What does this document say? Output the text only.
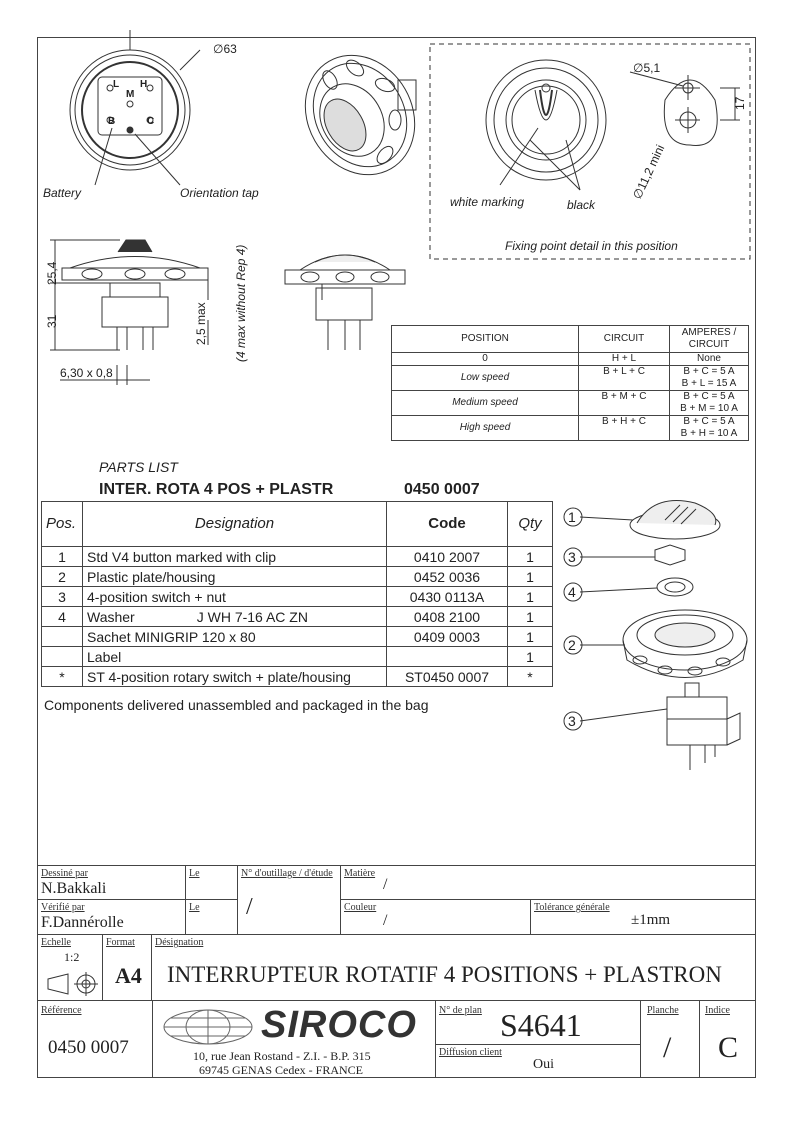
∅63
L H
M
B	C
Battery	Orientation tap
∅5,1
17
∅11,2 mini
white marking	black
Fixing point detail in this position
25,4
31	2,5 max (4 max without Rep 4)
6,30 x 0,8
POSITION	CIRCUIT	AMPERES / CIRCUIT
0	H + L	None
Low speed	B + L + C	B + C = 5 A
B + L = 15 A

Medium speed	B + M + C	B + C = 5 A
B + M = 10 A

High speed	B + H + C	B + C = 5 A
B + H = 10 A
PARTS LIST
INTER. ROTA 4 POS + PLASTR	0450 0007
Pos.	Designation	Code	Qty
1	Std V4 button marked with clip	0410 2007	1
2	Plastic plate/housing	0452 0036	1
3	4-position switch + nut	0430 0113A	1
4	Washer J WH 7-16 AC ZN	0408 2100	1
	Sachet MINIGRIP 120 x 80	0409 0003	1
	Label		1
*	ST 4-position rotary switch + plate/housing	ST0450 0007	*
Components delivered unassembled and packaged in the bag
1
3
4
2
3
Dessiné par
N.Bakkali
Le	N° d'outillage / d'étude
/
Matière
/
Vérifié par
F.Dannérolle
Le	Couleur
/
Tolérance générale
±1mm
Echelle
1:2
Format
A4
Désignation
INTERRUPTEUR ROTATIF 4 POSITIONS + PLASTRON
Référence
0450 0007
SIROCO
10, rue Jean Rostand - Z.I. - B.P. 315
69745 GENAS Cedex - FRANCE
N° de plan S4641
Diffusion client
Oui
Planche
/
Indice
C
